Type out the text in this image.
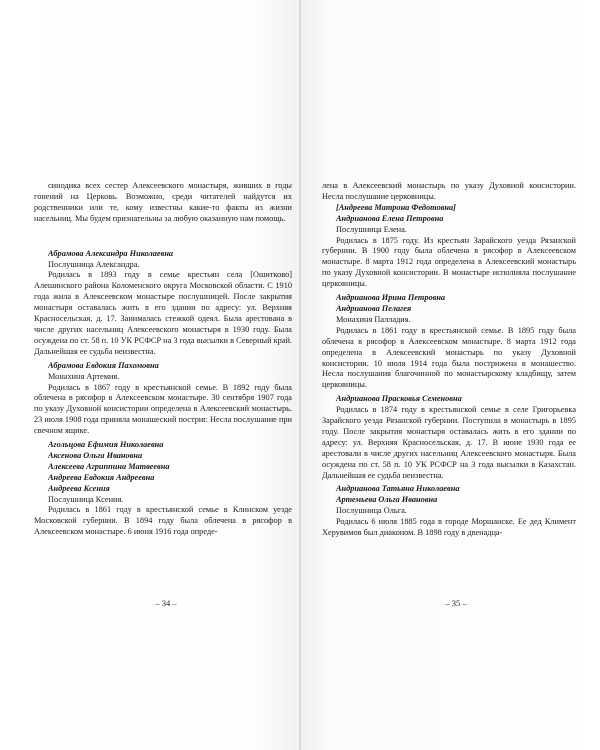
синодика всех сестер Алексеевского монастыря, живших в годы гонений на Церковь. Возможно, среди читателей найдутся их родственники или те, кому известны какие-то факты из жизни насельниц. Мы будем признательны за любую оказанную нам помощь.

Абрамова Александра Николаевна

Послушница Александра.

Родилась в 1893 году в семье крестьян села [Ошитково] Алешинского района Коломенского округа Московской области. С 1910 года жила в Алексеевском монастыре послушницей. После закрытия монастыря оставалась жить в его здании по адресу: ул. Верхняя Красносельская, д. 17. Занималась стежкой одеял. Была арестована в числе других насельниц Алексеевского монастыря в 1930 году. Была осуждена по ст. 58 п. 10 УК РСФСР на 3 года высылки в Северный край. Дальнейшая ее судьба неизвестна.

Абрамова Евдокия Пахомовна

Монахиня Артемия.

Родилась в 1867 году в крестьянской семье. В 1892 году была облечена в рясофор в Алексеевском монастыре. 30 сентября 1907 года по указу Духовной консистории определена в Алексеевский монастырь. 23 июля 1908 года приняла монашеский постриг. Несла послушание при свечном ящике.

Агольцова Ефимия Николаевна

Аксенова Ольга Ивановна

Алексеева Агриппина Матвеевна

Андреева Евдокия Андреевна

Андреева Ксения

Послушница Ксения.

Родилась в 1861 году в крестьянской семье в Клинском уезде Московской губернии. В 1894 году была облечена в рясофор в Алексеевском монастыре. 6 июня 1916 года опреде-

– 34 –

лена в Алексеевский монастырь по указу Духовной консистории. Несла послушание церковницы.

[Андреева Матрона Федотовна]

Андрианова Елена Петровна

Послушница Елена.

Родилась в 1875 году. Из крестьян Зарайского уезда Рязанской губернии. В 1900 году была облечена в рясофор в Алексеевском монастыре. 8 марта 1912 года определена в Алексеевский монастырь по указу Духовной консистории. В монастыре исполняла послушание церковницы.

Андрианова Ирина Петровна

Андрианова Пелагея

Монахиня Палладия.

Родилась в 1861 году в крестьянской семье. В 1895 году была облечена в рясофор в Алексеевском монастыре. 8 марта 1912 года определена в Алексеевский монастырь по указу Духовной консистории. 10 июля 1914 года была пострижена в монашество. Несла послушания благочинной по монастырскому кладбищу, затем церковницы.

Андрианова Прасковья Семеновна

Родилась в 1874 году в крестьянской семье в селе Григорьевка Зарайского уезда Рязанской губернии. Поступила в монастырь в 1895 году. После закрытия монастыря оставалась жить в его здании по адресу: ул. Верхняя Красносельская, д. 17. В июне 1930 года ее арестовали в числе других насельниц Алексеевского монастыря. Была осуждена по ст. 58 п. 10 УК РСФСР на 3 года высылки в Казахстан. Дальнейшая ее судьба неизвестна.

Андрианова Татьяна Николаевна

Артемьева Ольга Ивановна

Послушница Ольга.

Родилась 6 июля 1885 года в городе Моршанске. Ее дед Климент Херувимов был диаконом. В 1898 году в двенадца-

– 35 –
